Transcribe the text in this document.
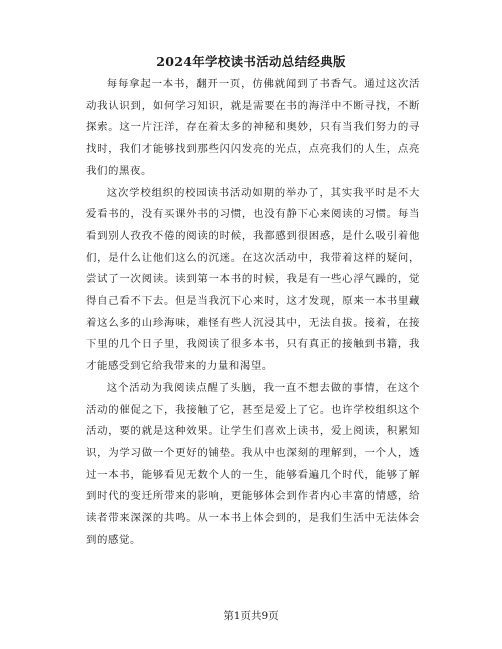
2024年学校读书活动总结经典版

每每拿起一本书，翻开一页，仿佛就闻到了书香气。通过这次活动我认识到，如何学习知识，就是需要在书的海洋中不断寻找，不断探索。这一片汪洋，存在着太多的神秘和奥妙，只有当我们努力的寻找时，我们才能够找到那些闪闪发亮的光点，点亮我们的人生，点亮我们的黑夜。

这次学校组织的校园读书活动如期的举办了，其实我平时是不大爱看书的，没有买课外书的习惯，也没有静下心来阅读的习惯。每当看到别人孜孜不倦的阅读的时候，我都感到很困惑，是什么吸引着他们，是什么让他们这么的沉迷。在这次活动中，我带着这样的疑问，尝试了一次阅读。读到第一本书的时候，我是有一些心浮气躁的，觉得自己看不下去。但是当我沉下心来时，这才发现，原来一本书里藏着这么多的山珍海味，难怪有些人沉浸其中，无法自拔。接着，在接下里的几个日子里，我阅读了很多本书，只有真正的接触到书籍，我才能感受到它给我带来的力量和渴望。

这个活动为我阅读点醒了头脑，我一直不想去做的事情，在这个活动的催促之下，我接触了它，甚至是爱上了它。也许学校组织这个活动，要的就是这种效果。让学生们喜欢上读书，爱上阅读，积累知识，为学习做一个更好的铺垫。我从中也深刻的理解到，一个人，透过一本书，能够看见无数个人的一生，能够看遍几个时代，能够了解到时代的变迁所带来的影响，更能够体会到作者内心丰富的情感，给读者带来深深的共鸣。从一本书上体会到的，是我们生活中无法体会到的感觉。

第1页共9页
